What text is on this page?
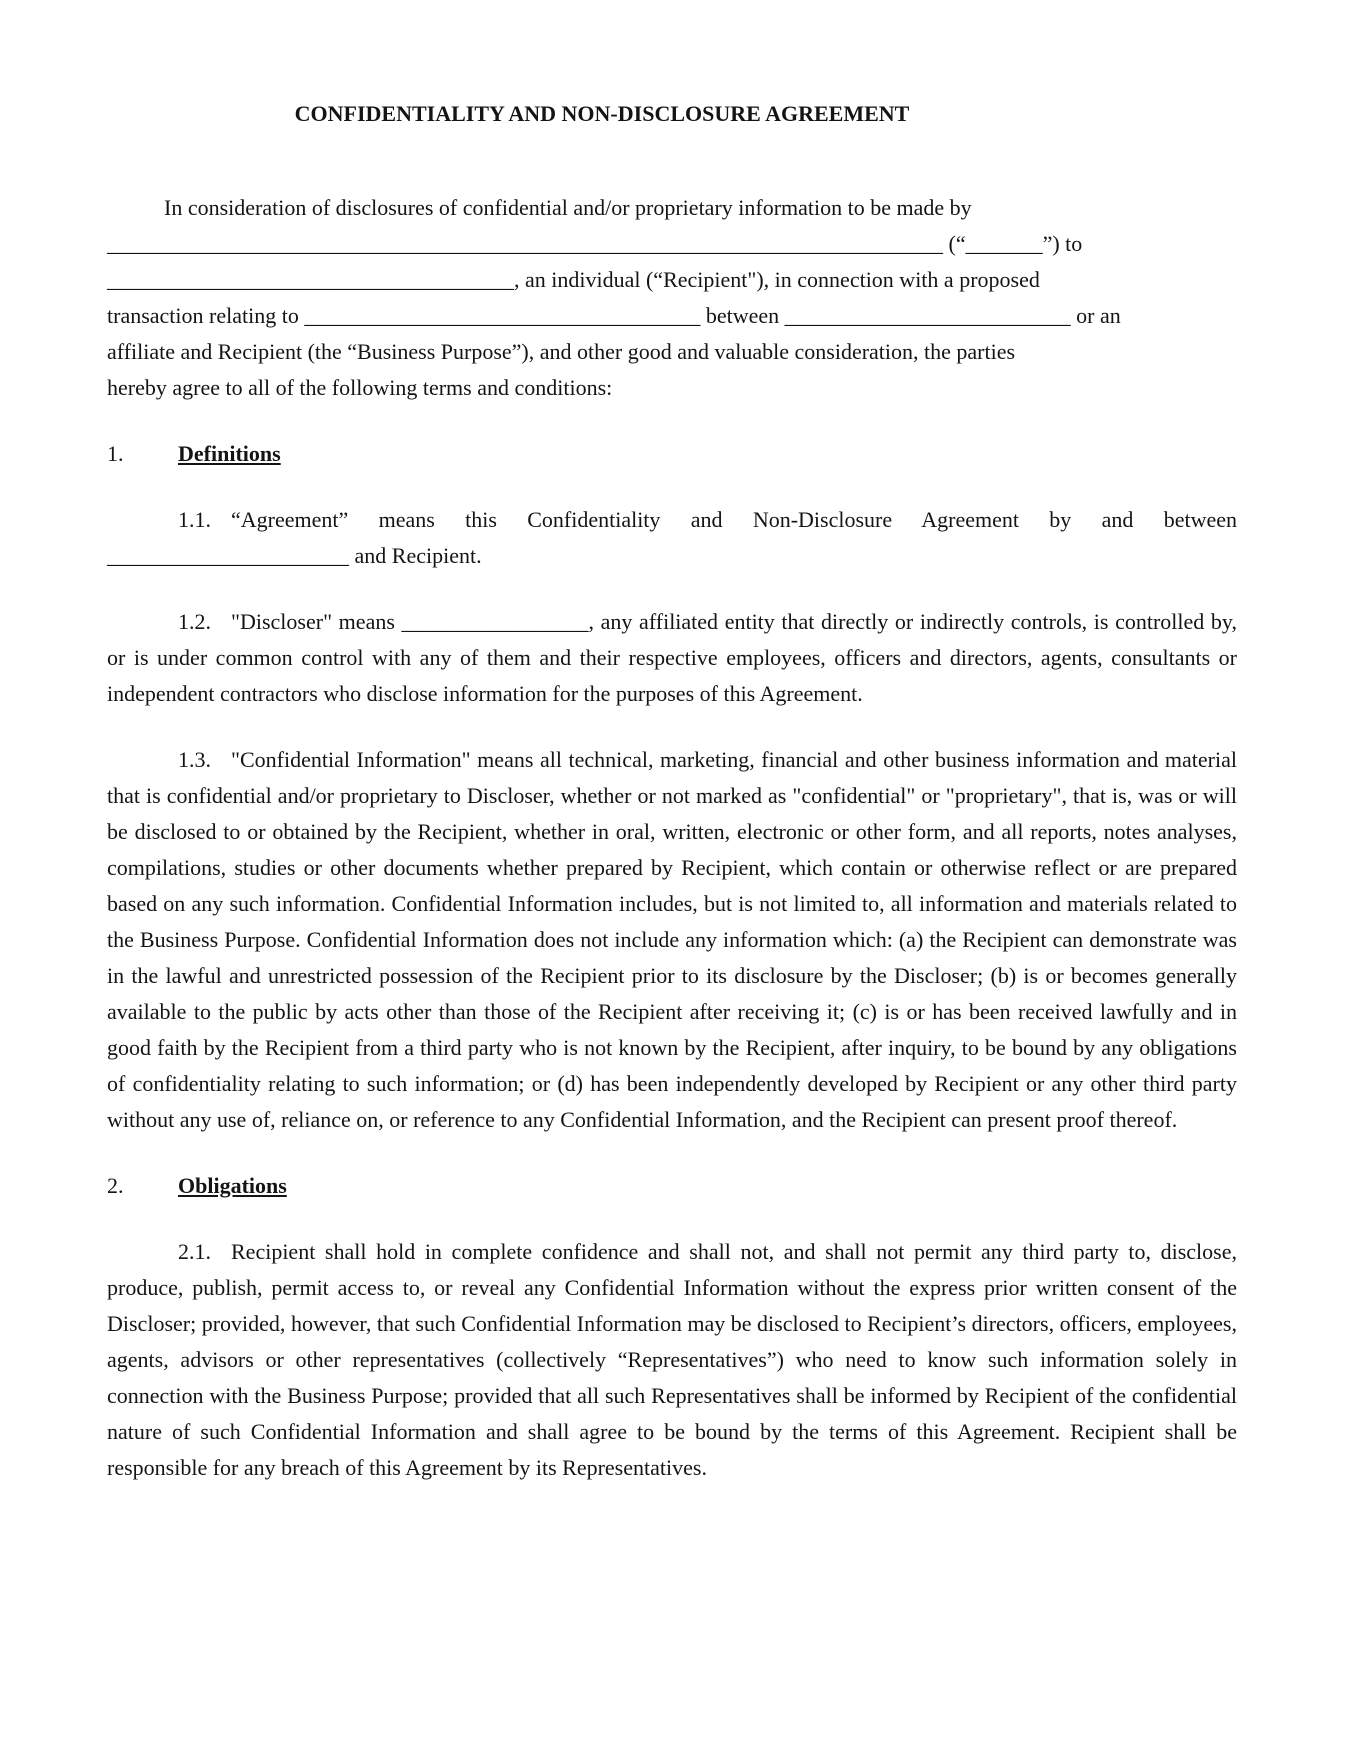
CONFIDENTIALITY AND NON-DISCLOSURE AGREEMENT
In consideration of disclosures of confidential and/or proprietary information to be made by
____________________________________________________________________________ (“_______”) to
_____________________________________, an individual (“Recipient"), in connection with a proposed
transaction relating to ____________________________________ between __________________________ or an
affiliate and Recipient (the “Business Purpose”), and other good and valuable consideration, the parties
hereby agree to all of the following terms and conditions:
1. Definitions

1.1. “Agreement” means this Confidentiality and Non-Disclosure Agreement by and between ______________________ and Recipient.

1.2. "Discloser" means _________________, any affiliated entity that directly or indirectly controls, is controlled by, or is under common control with any of them and their respective employees, officers and directors, agents, consultants or independent contractors who disclose information for the purposes of this Agreement.

1.3. "Confidential Information" means all technical, marketing, financial and other business information and material that is confidential and/or proprietary to Discloser, whether or not marked as "confidential" or "proprietary", that is, was or will be disclosed to or obtained by the Recipient, whether in oral, written, electronic or other form, and all reports, notes analyses, compilations, studies or other documents whether prepared by Recipient, which contain or otherwise reflect or are prepared based on any such information. Confidential Information includes, but is not limited to, all information and materials related to the Business Purpose. Confidential Information does not include any information which: (a) the Recipient can demonstrate was in the lawful and unrestricted possession of the Recipient prior to its disclosure by the Discloser; (b) is or becomes generally available to the public by acts other than those of the Recipient after receiving it; (c) is or has been received lawfully and in good faith by the Recipient from a third party who is not known by the Recipient, after inquiry, to be bound by any obligations of confidentiality relating to such information; or (d) has been independently developed by Recipient or any other third party without any use of, reliance on, or reference to any Confidential Information, and the Recipient can present proof thereof.

2. Obligations

2.1. Recipient shall hold in complete confidence and shall not, and shall not permit any third party to, disclose, produce, publish, permit access to, or reveal any Confidential Information without the express prior written consent of the Discloser; provided, however, that such Confidential Information may be disclosed to Recipient’s directors, officers, employees, agents, advisors or other representatives (collectively “Representatives”) who need to know such information solely in connection with the Business Purpose; provided that all such Representatives shall be informed by Recipient of the confidential nature of such Confidential Information and shall agree to be bound by the terms of this Agreement. Recipient shall be responsible for any breach of this Agreement by its Representatives.
